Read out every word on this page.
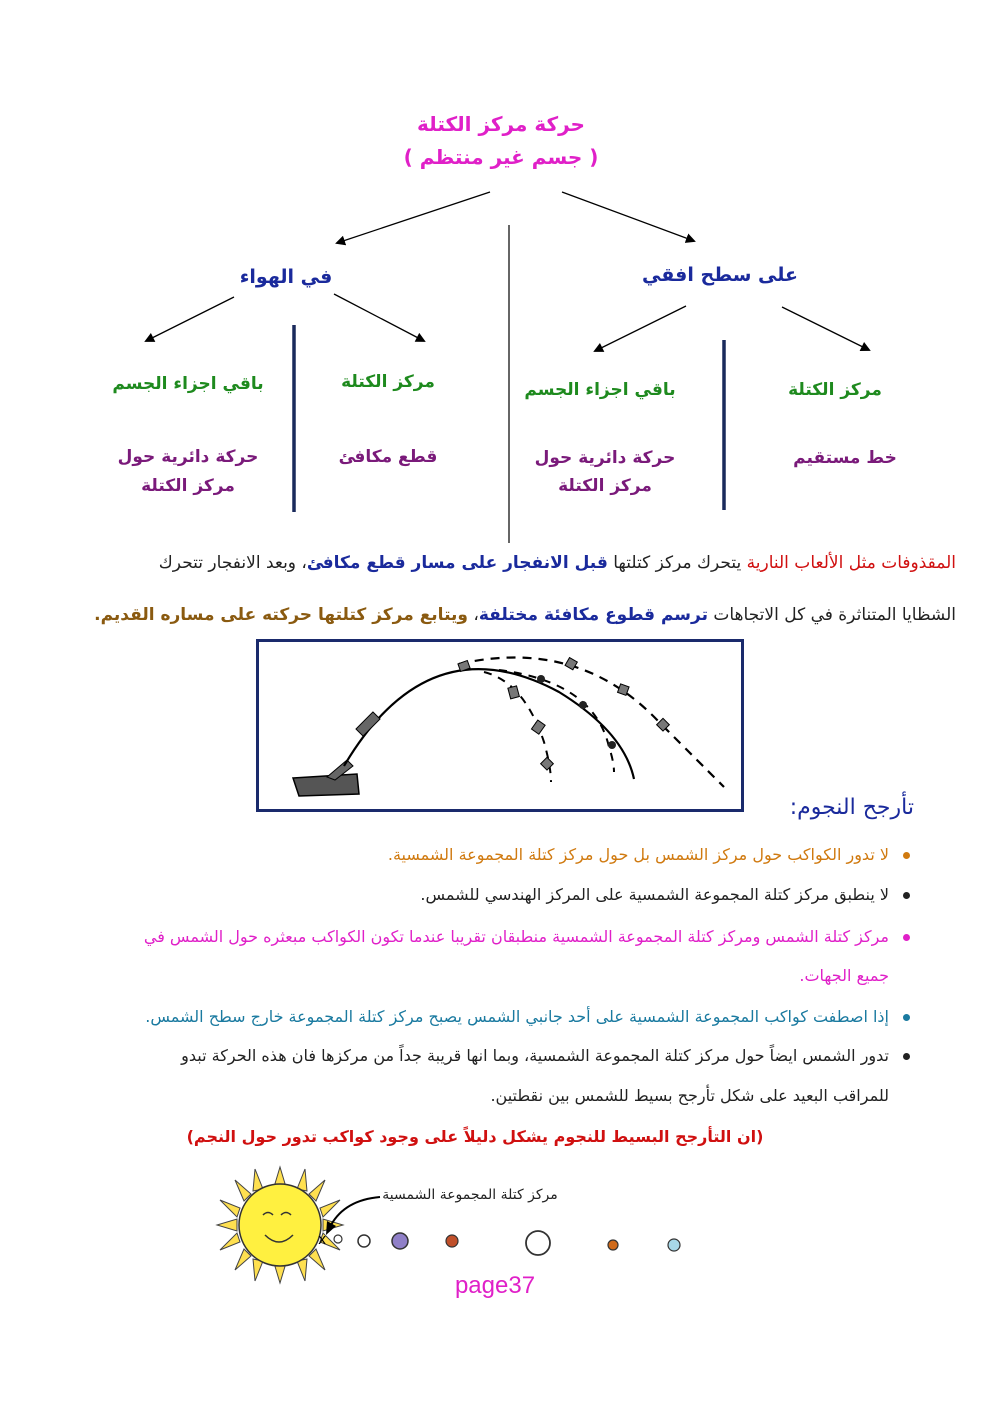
حركة مركز الكتلة
( جسم غير منتظم )
على سطح افقي
في الهواء
مركز الكتلة
خط مستقيم
باقي اجزاء الجسم
حركة دائرية حول
مركز الكتلة
مركز الكتلة
قطع مكافئ
باقي اجزاء الجسم
حركة دائرية حول
مركز الكتلة
المقذوفات مثل الألعاب النارية يتحرك مركز كتلتها قبل الانفجار على مسار قطع مكافئ، وبعد الانفجار تتحرك
الشظايا المتناثرة في كل الاتجاهات ترسم قطوع مكافئة مختلفة، ويتابع مركز كتلتها حركته على مساره القديم.
تأرجح النجوم:
لا تدور الكواكب حول مركز الشمس بل حول مركز كتلة المجموعة الشمسية.
لا ينطبق مركز كتلة المجموعة الشمسية على المركز الهندسي للشمس.
مركز كتلة الشمس ومركز كتلة المجموعة الشمسية منطبقان تقريبا عندما تكون الكواكب مبعثره حول الشمس في
جميع الجهات.
إذا اصطفت كواكب المجموعة الشمسية على أحد جانبي الشمس يصبح مركز كتلة المجموعة خارج سطح الشمس.
تدور الشمس ايضاً حول مركز كتلة المجموعة الشمسية، وبما انها قريبة جداً من مركزها فان هذه الحركة تبدو
للمراقب البعيد على شكل تأرجح بسيط للشمس بين نقطتين.
(ان التأرجح البسيط للنجوم يشكل دليلاً على وجود كواكب تدور حول النجم)
x
مركز كتلة المجموعة الشمسية
page37
